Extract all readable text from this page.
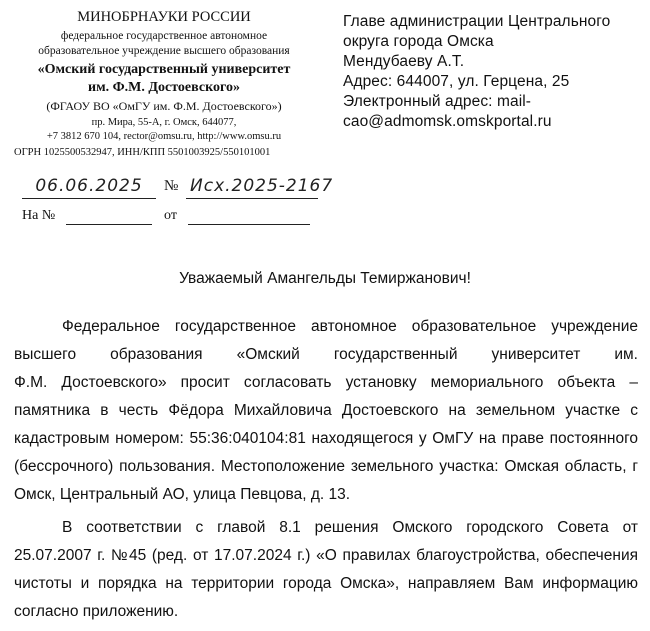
МИНОБРНАУКИ РОССИИ
федеральное государственное автономное
образовательное учреждение высшего образования
«Омский государственный университет
им. Ф.М. Достоевского»
(ФГАОУ ВО «ОмГУ им. Ф.М. Достоевского»)
пр. Мира, 55-А, г. Омск, 644077,
+7 3812 670 104, rector@omsu.ru, http://www.omsu.ru
ОГРН 1025500532947, ИНН/КПП 5501003925/550101001
Главе администрации Центрального
округа города Омска
Мендубаеву А.Т.
Адрес: 644007, ул. Герцена, 25
Электронный адрес: mail-
cao@admomsk.omskportal.ru
06.06.2025	№ Исх.2025-2167
На №	от
Уважаемый Амангельды Темиржанович!
Федеральное государственное автономное образовательное учреждение
высшего образования «Омский государственный университет им.
Ф.М. Достоевского» просит согласовать установку мемориального объекта –
памятника в честь Фёдора Михайловича Достоевского на земельном участке с
кадастровым номером: 55:36:040104:81 находящегося у ОмГУ на праве постоянного
(бессрочного) пользования. Местоположение земельного участка: Омская область, г
Омск, Центральный АО, улица Певцова, д. 13.
В соответствии с главой 8.1 решения Омского городского Совета от
25.07.2007 г. №45 (ред. от 17.07.2024 г.) «О правилах благоустройства, обеспечения
чистоты и порядка на территории города Омска», направляем Вам информацию
согласно приложению.
